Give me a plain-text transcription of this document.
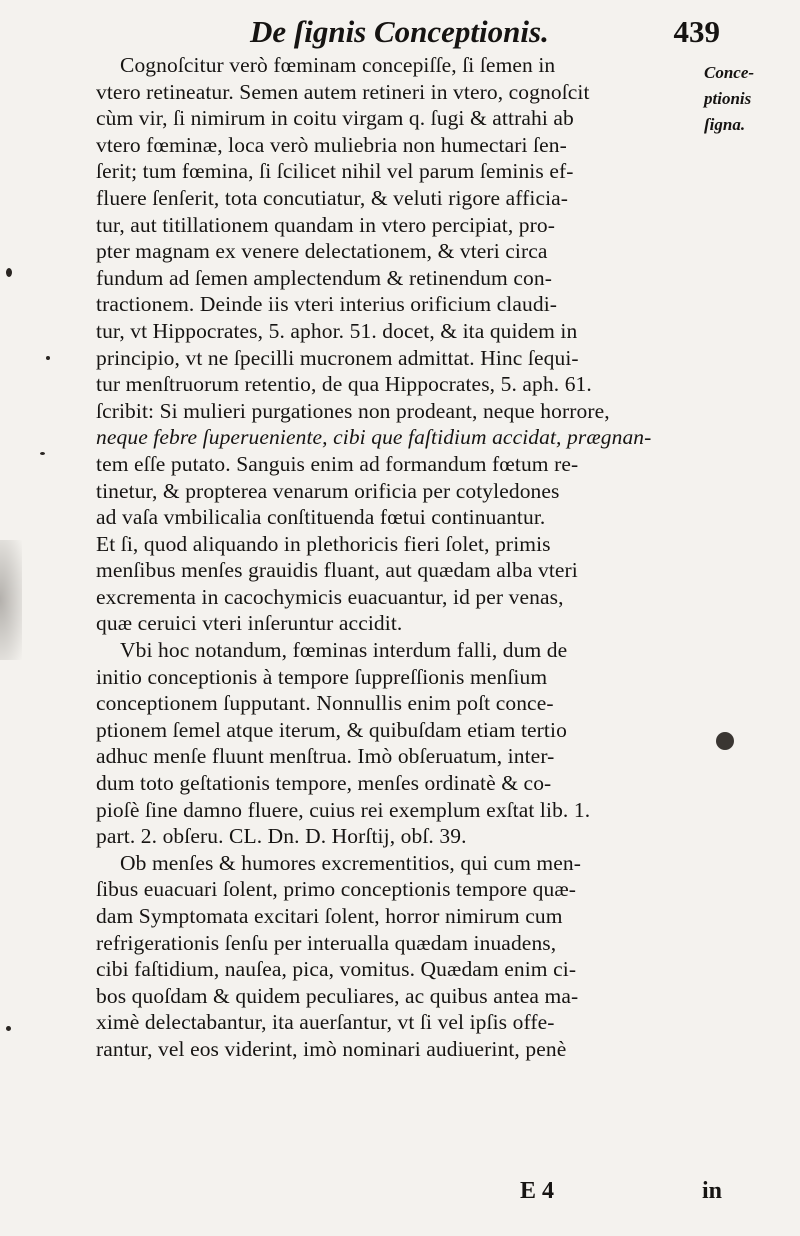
De ſignis Conceptionis.	439
Conce-
ptionis
ſigna.
Cognoſcitur verò fœminam concepiſſe, ſi ſemen in
vtero retineatur. Semen autem retineri in vtero, cognoſcit
cùm vir, ſi nimirum in coitu virgam q. ſugi & attrahi ab
vtero fœminæ, loca verò muliebria non humectari ſen-
ſerit; tum fœmina, ſi ſcilicet nihil vel parum ſeminis ef-
fluere ſenſerit, tota concutiatur, & veluti rigore afficia-
tur, aut titillationem quandam in vtero percipiat, pro-
pter magnam ex venere delectationem, & vteri circa
fundum ad ſemen amplectendum & retinendum con-
tractionem. Deinde iis vteri interius orificium claudi-
tur, vt Hippocrates, 5. aphor. 51. docet, & ita quidem in
principio, vt ne ſpecilli mucronem admittat. Hinc ſequi-
tur menſtruorum retentio, de qua Hippocrates, 5. aph. 61.
ſcribit: Si mulieri purgationes non prodeant, neque horrore,
neque febre ſuperueniente, cibi que faſtidium accidat, prægnan-
tem eſſe putato. Sanguis enim ad formandum fœtum re-
tinetur, & propterea venarum orificia per cotyledones
ad vaſa vmbilicalia conſtituenda fœtui continuantur.
Et ſi, quod aliquando in plethoricis fieri ſolet, primis
menſibus menſes grauidis fluant, aut quædam alba vteri
excrementa in cacochymicis euacuantur, id per venas,
quæ ceruici vteri inſeruntur accidit.
Vbi hoc notandum, fœminas interdum falli, dum de
initio conceptionis à tempore ſuppreſſionis menſium
conceptionem ſupputant. Nonnullis enim poſt conce-
ptionem ſemel atque iterum, & quibuſdam etiam tertio
adhuc menſe fluunt menſtrua. Imò obſeruatum, inter-
dum toto geſtationis tempore, menſes ordinatè & co-
pioſè ſine damno fluere, cuius rei exemplum exſtat lib. 1.
part. 2. obſeru. CL. Dn. D. Horſtij, obſ. 39.
Ob menſes & humores excrementitios, qui cum men-
ſibus euacuari ſolent, primo conceptionis tempore quæ-
dam Symptomata excitari ſolent, horror nimirum cum
refrigerationis ſenſu per interualla quædam inuadens,
cibi faſtidium, nauſea, pica, vomitus. Quædam enim ci-
bos quoſdam & quidem peculiares, ac quibus antea ma-
ximè delectabantur, ita auerſantur, vt ſi vel ipſis offe-
rantur, vel eos viderint, imò nominari audiuerint, penè
E 4	in
